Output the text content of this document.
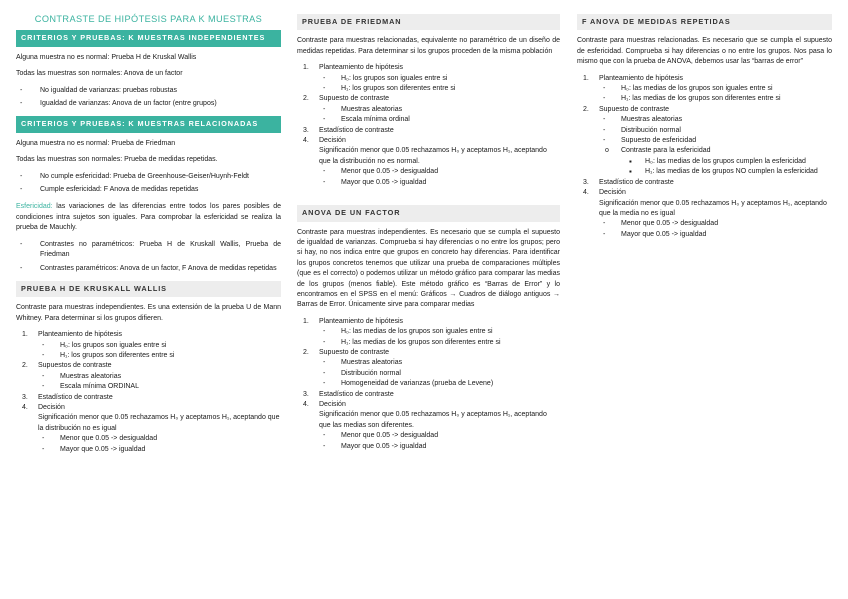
CONTRASTE DE HIPÓTESIS PARA K MUESTRAS
CRITERIOS Y PRUEBAS: K MUESTRAS INDEPENDIENTES
Alguna muestra no es normal: Prueba H de Kruskal Wallis
Todas las muestras son normales: Anova de un factor
- No igualdad de varianzas: pruebas robustas
- Igualdad de varianzas: Anova de un factor (entre grupos)
CRITERIOS Y PRUEBAS: K MUESTRAS RELACIONADAS
Alguna muestra no es normal: Prueba de Friedman
Todas las muestras son normales: Prueba de medidas repetidas.
- No cumple esfericidad: Prueba de Greenhouse-Geiser/Huynh-Feldt
- Cumple esfericidad: F Anova de medidas repetidas
Esfericidad: las variaciones de las diferencias entre todos los pares posibles de condiciones intra sujetos son iguales. Para comprobar la esfericidad se realiza la prueba de Mauchly.
- Contrastes no paramétricos: Prueba H de Kruskall Wallis, Prueba de Friedman
- Contrastes paramétricos: Anova de un factor, F Anova de medidas repetidas
PRUEBA H DE KRUSKALL WALLIS
Contraste para muestras independientes. Es una extensión de la prueba U de Mann Whitney. Para determinar si los grupos difieren.
1. Planteamiento de hipótesis
- H₀: los grupos son iguales entre si
- H₁: los grupos son diferentes entre si
2. Supuestos de contraste
- Muestras aleatorias
- Escala mínima ORDINAL
3. Estadístico de contraste
4. Decisión
Significación menor que 0.05 rechazamos H₀ y aceptamos H₁, aceptando que la distribución no es igual
- Menor que 0.05 -> desigualdad
- Mayor que 0.05 -> igualdad
PRUEBA DE FRIEDMAN
Contraste para muestras relacionadas, equivalente no paramétrico de un diseño de medidas repetidas. Para determinar si los grupos proceden de la misma población
1. Planteamiento de hipótesis
- H₀: los grupos son iguales entre si
- H₁: los grupos son diferentes entre si
2. Supuesto de contraste
- Muestras aleatorias
- Escala mínima ordinal
3. Estadístico de contraste
4. Decisión
Significación menor que 0.05 rechazamos H₀ y aceptamos H₁, aceptando que la distribución no es normal.
- Menor que 0.05 -> desigualdad
- Mayor que 0.05 -> igualdad
ANOVA DE UN FACTOR
Contraste para muestras independientes. Es necesario que se cumpla el supuesto de igualdad de varianzas. Comprueba si hay diferencias o no entre los grupos; pero si hay, no nos indica entre que grupos en concreto hay diferencias. Para identificar los grupos concretos tenemos que utilizar una prueba de comparaciones múltiples (que es el correcto) o podemos utilizar un método gráfico para comparar las medias de los grupos (menos fiable). Este método gráfico es “Barras de Error” y lo encontramos en el SPSS en el menú: Gráficos → Cuadros de diálogo antiguos → Barras de Error. Únicamente sirve para comparar medias
1. Planteamiento de hipótesis
- H₀: las medias de los grupos son iguales entre si
- H₁: las medias de los grupos son diferentes entre si
2. Supuesto de contraste
- Muestras aleatorias
- Distribución normal
- Homogeneidad de varianzas (prueba de Levene)
3. Estadístico de contraste
4. Decisión
Significación menor que 0.05 rechazamos H₀ y aceptamos H₁, aceptando que las medias son diferentes.
- Menor que 0.05 -> desigualdad
- Mayor que 0.05 -> igualdad
F ANOVA DE MEDIDAS REPETIDAS
Contraste para muestras relacionadas. Es necesario que se cumpla el supuesto de esfericidad. Comprueba si hay diferencias o no entre los grupos. Nos pasa lo mismo que con la prueba de ANOVA, debemos usar las “barras de error”
1. Planteamiento de hipótesis
- H₀: las medias de los grupos son iguales entre si
- H₁: las medias de los grupos son diferentes entre si
2. Supuesto de contraste
- Muestras aleatorias
- Distribución normal
- Supuesto de esfericidad
o Contraste para la esfericidad
▪ H₀: las medias de los grupos cumplen la esfericidad
▪ H₁: las medias de los grupos NO cumplen la esfericidad
3. Estadístico de contraste
4. Decisión
Significación menor que 0.05 rechazamos H₀ y aceptamos H₁, aceptando que la media no es igual
- Menor que 0.05 -> desigualdad
- Mayor que 0.05 -> igualdad
